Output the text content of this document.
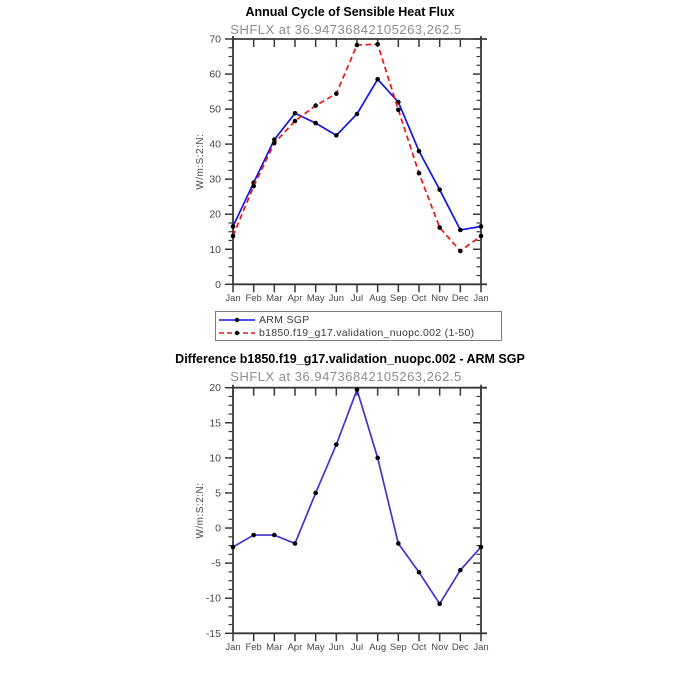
Annual Cycle of Sensible Heat Flux
SHFLX at 36.94736842105263,262.5
0
10
20
30
40
50
60
70
Jan Feb Mar Apr May Jun Jul Aug Sep Oct Nov Dec Jan
W/m:S:2:N:
-15
-10
-5
0
5
10
15
20
Jan Feb Mar Apr May Jun Jul Aug Sep Oct Nov Dec Jan
W/m:S:2:N:
ARM SGP
b1850.f19_g17.validation_nuopc.002 (1-50)
Difference b1850.f19_g17.validation_nuopc.002 - ARM SGP
SHFLX at 36.94736842105263,262.5
